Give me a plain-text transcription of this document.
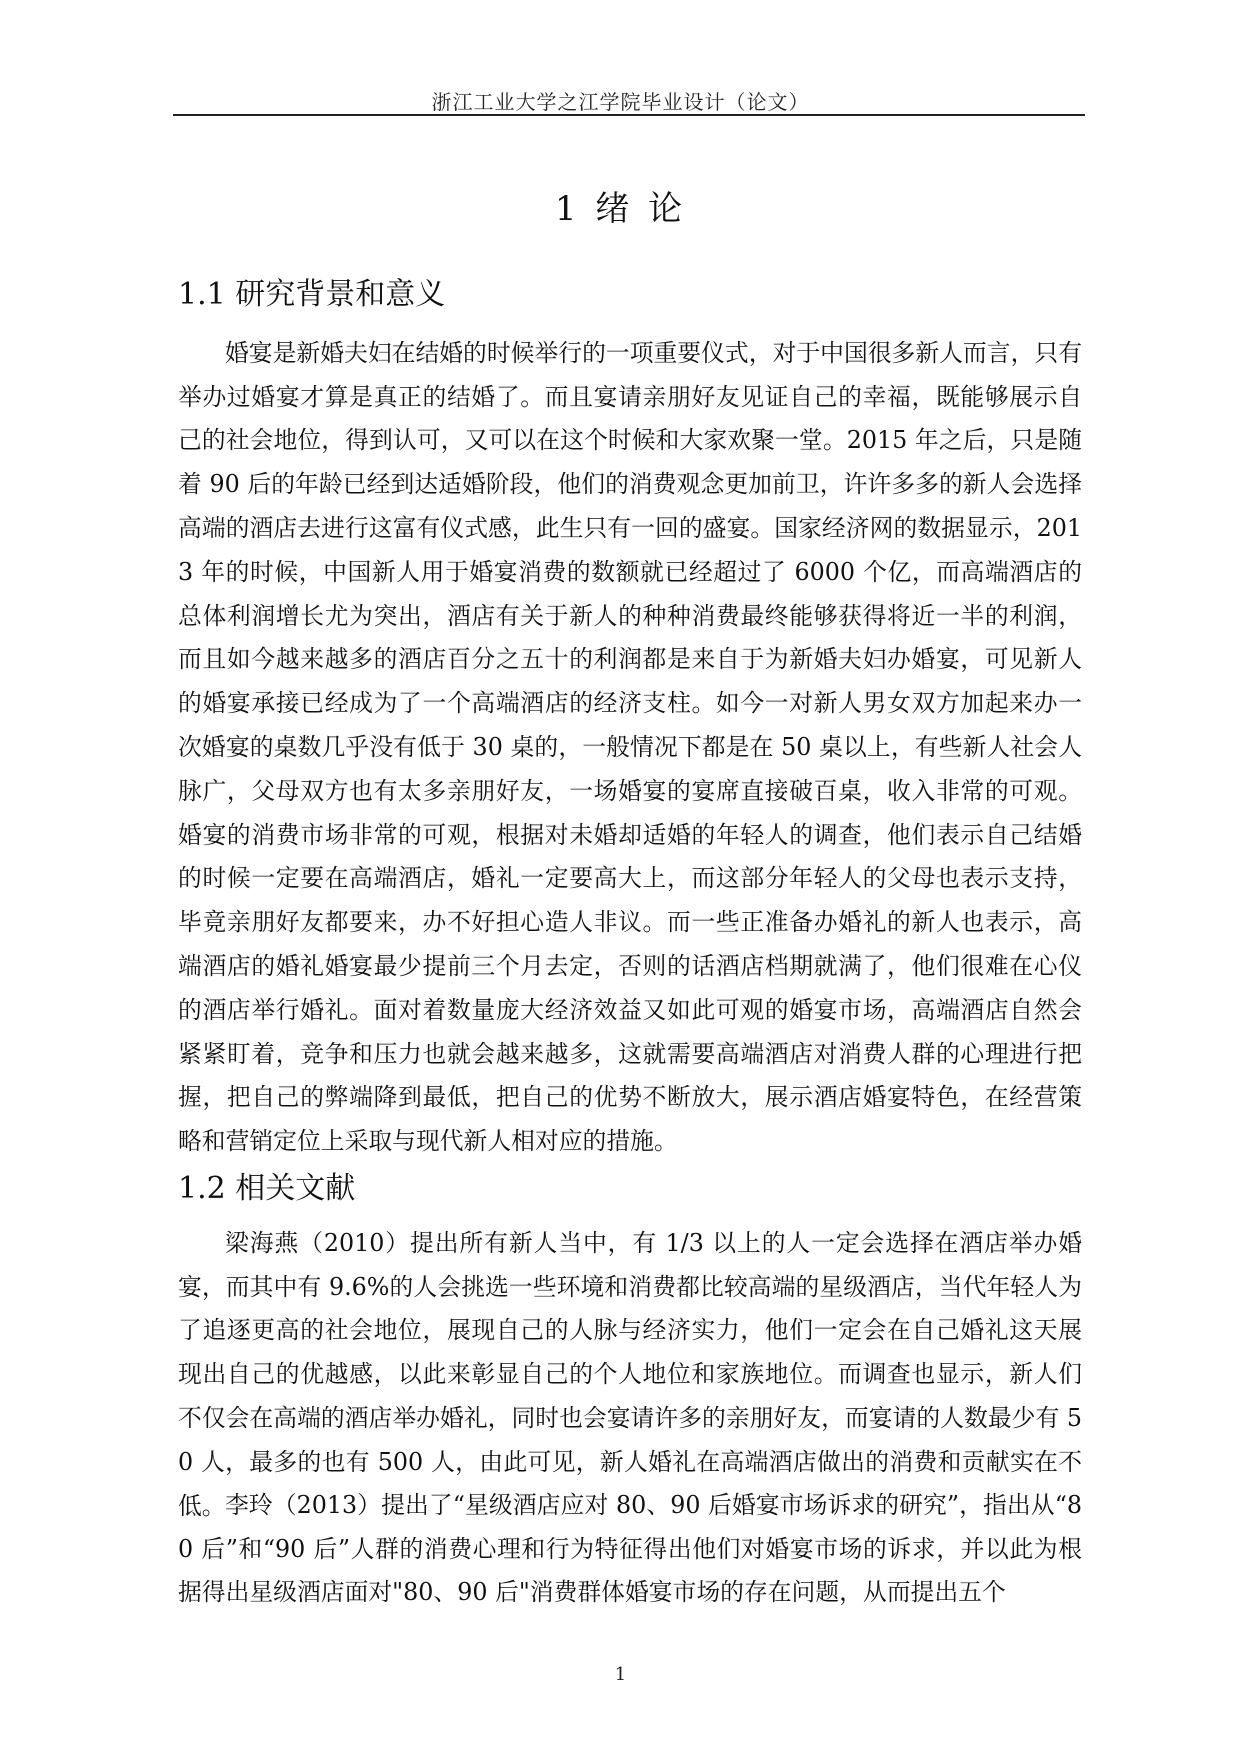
浙江工业大学之江学院毕业设计（论文）
1 绪 论
1.1 研究背景和意义

婚宴是新婚夫妇在结婚的时候举行的一项重要仪式，对于中国很多新人而言，只有举办过婚宴才算是真正的结婚了。而且宴请亲朋好友见证自己的幸福，既能够展示自己的社会地位，得到认可，又可以在这个时候和大家欢聚一堂。2015 年之后，只是随着 90 后的年龄已经到达适婚阶段，他们的消费观念更加前卫，许许多多的新人会选择高端的酒店去进行这富有仪式感，此生只有一回的盛宴。国家经济网的数据显示，2013 年的时候，中国新人用于婚宴消费的数额就已经超过了 6000 个亿，而高端酒店的总体利润增长尤为突出，酒店有关于新人的种种消费最终能够获得将近一半的利润，而且如今越来越多的酒店百分之五十的利润都是来自于为新婚夫妇办婚宴，可见新人的婚宴承接已经成为了一个高端酒店的经济支柱。如今一对新人男女双方加起来办一次婚宴的桌数几乎没有低于 30 桌的，一般情况下都是在 50 桌以上，有些新人社会人脉广，父母双方也有太多亲朋好友，一场婚宴的宴席直接破百桌，收入非常的可观。婚宴的消费市场非常的可观，根据对未婚却适婚的年轻人的调查，他们表示自己结婚的时候一定要在高端酒店，婚礼一定要高大上，而这部分年轻人的父母也表示支持，毕竟亲朋好友都要来，办不好担心造人非议。而一些正准备办婚礼的新人也表示，高端酒店的婚礼婚宴最少提前三个月去定，否则的话酒店档期就满了，他们很难在心仪的酒店举行婚礼。面对着数量庞大经济效益又如此可观的婚宴市场，高端酒店自然会紧紧盯着，竞争和压力也就会越来越多，这就需要高端酒店对消费人群的心理进行把握，把自己的弊端降到最低，把自己的优势不断放大，展示酒店婚宴特色，在经营策略和营销定位上采取与现代新人相对应的措施。

1.2 相关文献

梁海燕（2010）提出所有新人当中，有 1/3 以上的人一定会选择在酒店举办婚宴，而其中有 9.6%的人会挑选一些环境和消费都比较高端的星级酒店，当代年轻人为了追逐更高的社会地位，展现自己的人脉与经济实力，他们一定会在自己婚礼这天展现出自己的优越感，以此来彰显自己的个人地位和家族地位。而调查也显示，新人们不仅会在高端的酒店举办婚礼，同时也会宴请许多的亲朋好友，而宴请的人数最少有 50 人，最多的也有 500 人，由此可见，新人婚礼在高端酒店做出的消费和贡献实在不低。 李玲（2013）提出了“星级酒店应对 80、90 后婚宴市场诉求的研究”，指出从“80 后”和“90 后”人群的消费心理和行为特征得出他们对婚宴市场的诉求，并以此为根据得出星级酒店面对"80、90 后"消费群体婚宴市场的存在问题，从而提出五个

1
